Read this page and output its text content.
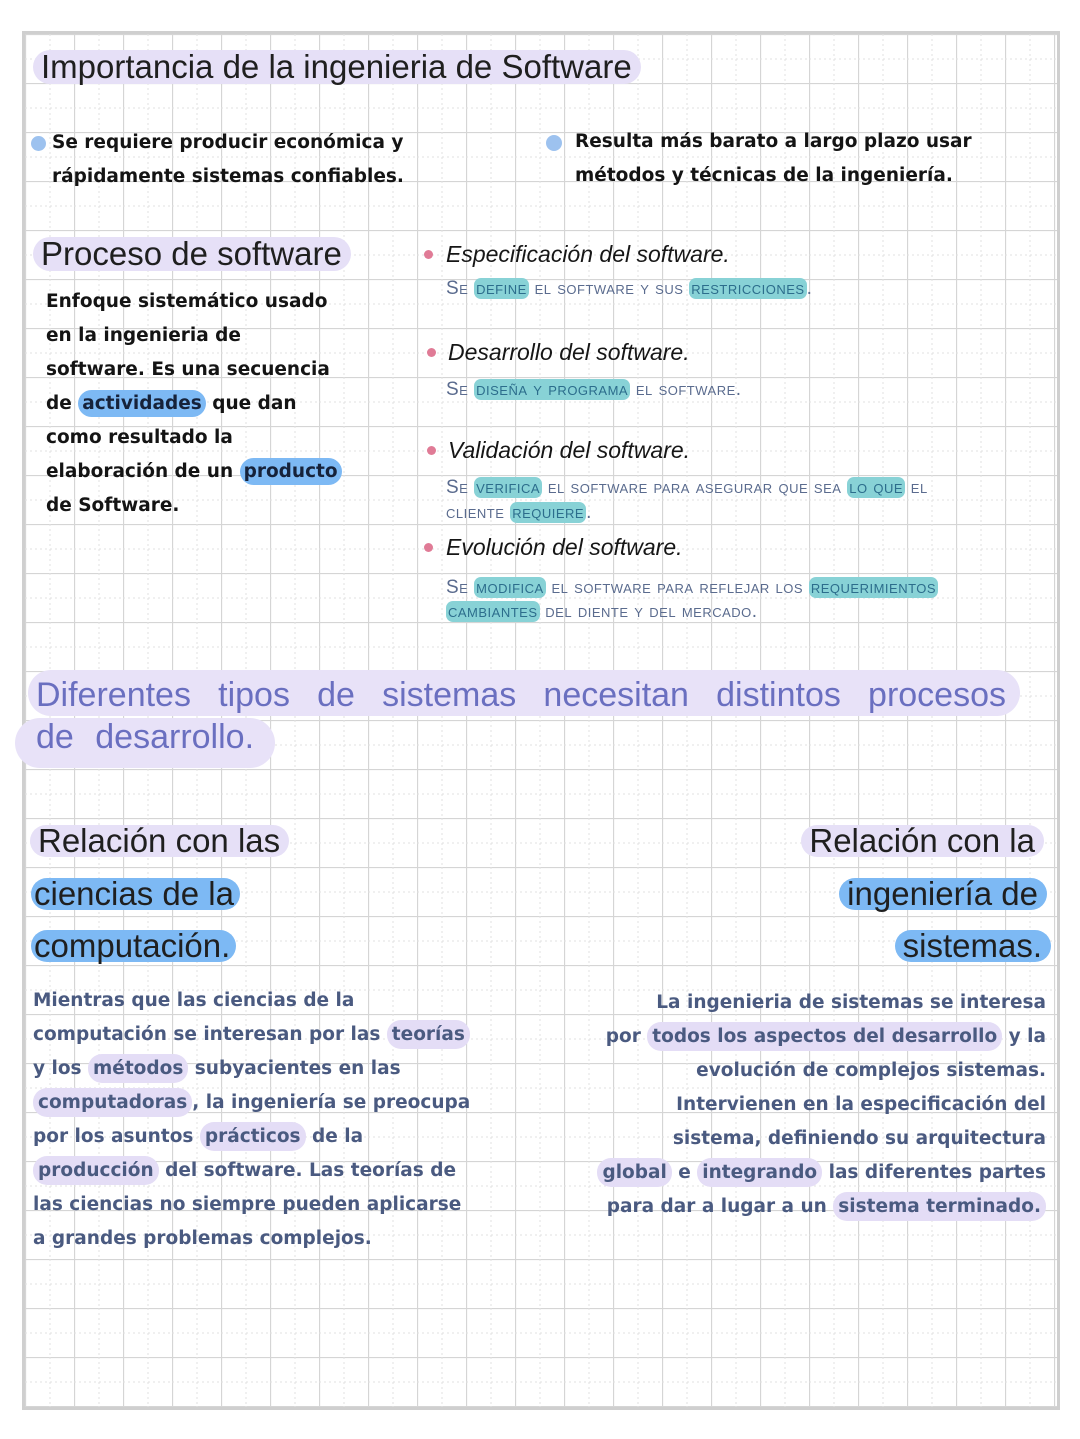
Importancia de la ingenieria de Software
Se requiere producir económica y
rápidamente sistemas confiables.
Resulta más barato a largo plazo usar
métodos y técnicas de la ingeniería.
Proceso de software
Enfoque sistemático usado
en la ingenieria de
software. Es una secuencia
de actividades que dan
como resultado la
elaboración de un producto
de Software.
Especificación del software.
Se define el software y sus restricciones .
Desarrollo del software.
Se diseña y programa el software.
Validación del software.
Se verifica el software para asegurar que sea lo que el
cliente requiere .
Evolución del software.
Se modifica el software para reflejar los requerimientos
cambiantes del diente y del mercado.
Diferentes tipos de sistemas necesitan distintos procesos
de desarrollo.
Relación con las
ciencias de la
computación.
Mientras que las ciencias de la
computación se interesan por las teorías
y los métodos subyacientes en las
computadoras , la ingeniería se preocupa
por los asuntos prácticos de la
producción del software. Las teorías de
las ciencias no siempre pueden aplicarse
a grandes problemas complejos.
Relación con la
ingeniería de
sistemas.
La ingenieria de sistemas se interesa
por todos los aspectos del desarrollo y la
evolución de complejos sistemas.
Intervienen en la especificación del
sistema, definiendo su arquitectura
global e integrando las diferentes partes
para dar a lugar a un sistema terminado.
